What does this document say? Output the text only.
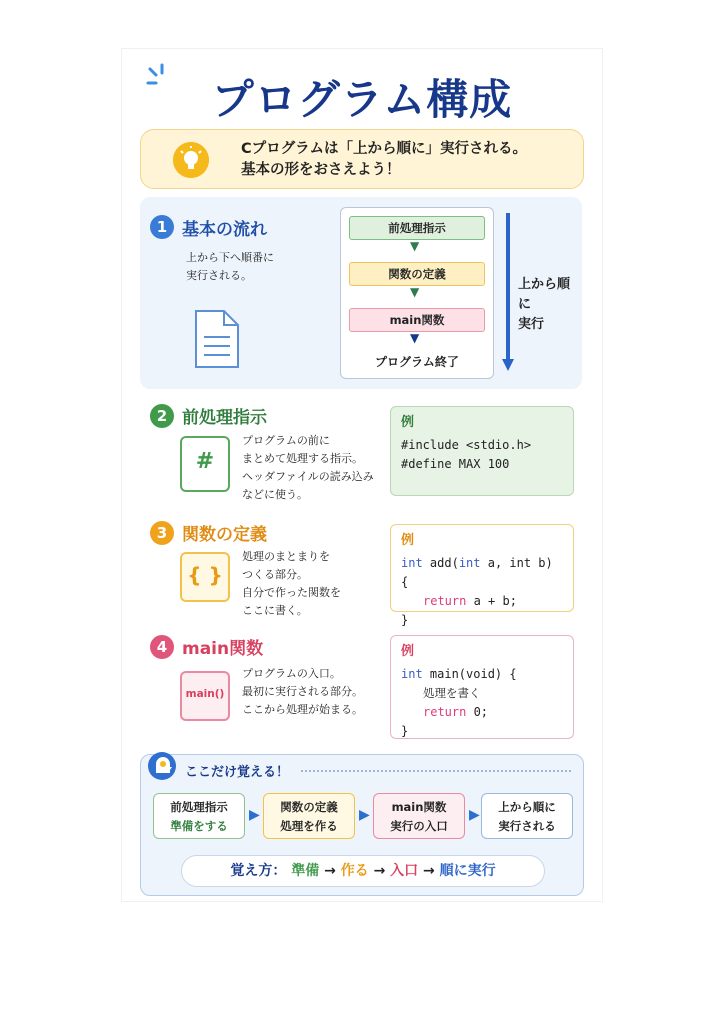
プログラム構成
Cプログラムは「上から順に」実行される。
基本の形をおさえよう！
1 基本の流れ
上から下へ順番に
実行される。
前処理指示
▼
関数の定義
▼
main関数
▼
プログラム終了
上から順に
実行
2 前処理指示
#
プログラムの前に
まとめて処理する指示。
ヘッダファイルの読み込み
などに使う。
例
#include <stdio.h>
#define MAX 100
3 関数の定義
{ }
処理のまとまりを
つくる部分。
自分で作った関数を
ここに書く。
例
int add(int a, int b) {
return a + b;
}
4 main関数
main()
プログラムの入口。
最初に実行される部分。
ここから処理が始まる。
例
int main(void) {
処理を書く
return 0;
}
ここだけ覚える！
前処理指示
準備をする
▶	関数の定義
処理を作る
▶	main関数
実行の入口
▶	上から順に
実行される
覚え方： 準備 → 作る → 入口 → 順に実行
